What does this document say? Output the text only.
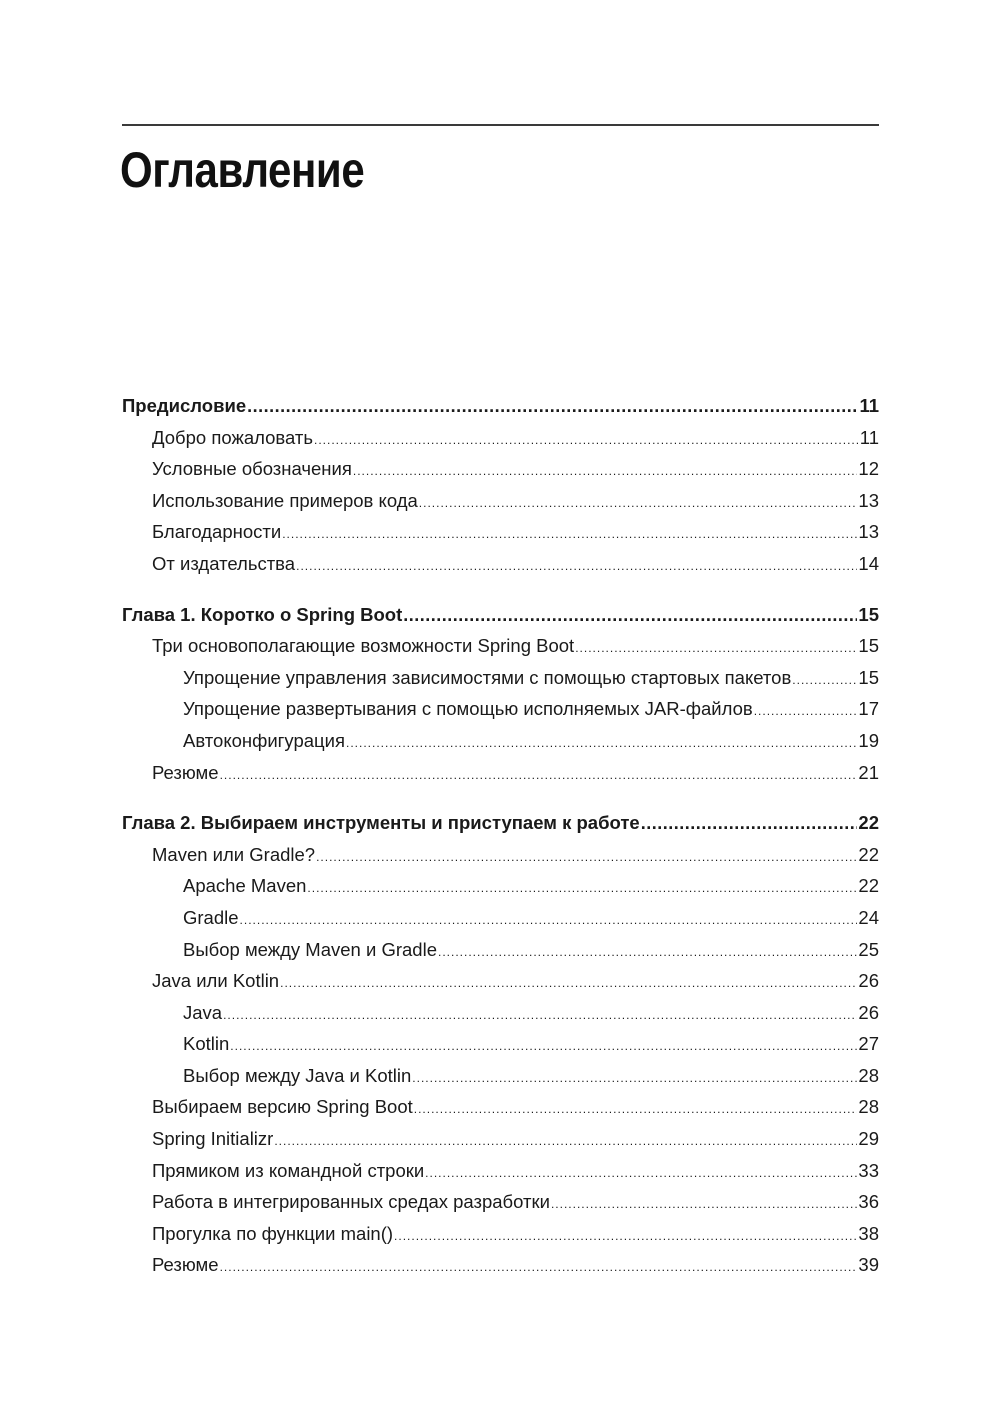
Оглавление
Предисловие .....	11
Добро пожаловать .....	11
Условные обозначения .....	12
Использование примеров кода .....	13
Благодарности .....	13
От издательства .....	14
Глава 1. Коротко о Spring Boot .....	15
Три основополагающие возможности Spring Boot .....	15
Упрощение управления зависимостями с помощью стартовых пакетов .....	15
Упрощение развертывания с помощью исполняемых JAR-файлов .....	17
Автоконфигурация .....	19
Резюме .....	21
Глава 2. Выбираем инструменты и приступаем к работе .....	22
Maven или Gradle? .....	22
Apache Maven .....	22
Gradle .....	24
Выбор между Maven и Gradle .....	25
Java или Kotlin .....	26
Java .....	26
Kotlin .....	27
Выбор между Java и Kotlin .....	28
Выбираем версию Spring Boot .....	28
Spring Initializr .....	29
Прямиком из командной строки .....	33
Работа в интегрированных средах разработки .....	36
Прогулка по функции main() .....	38
Резюме .....	39
